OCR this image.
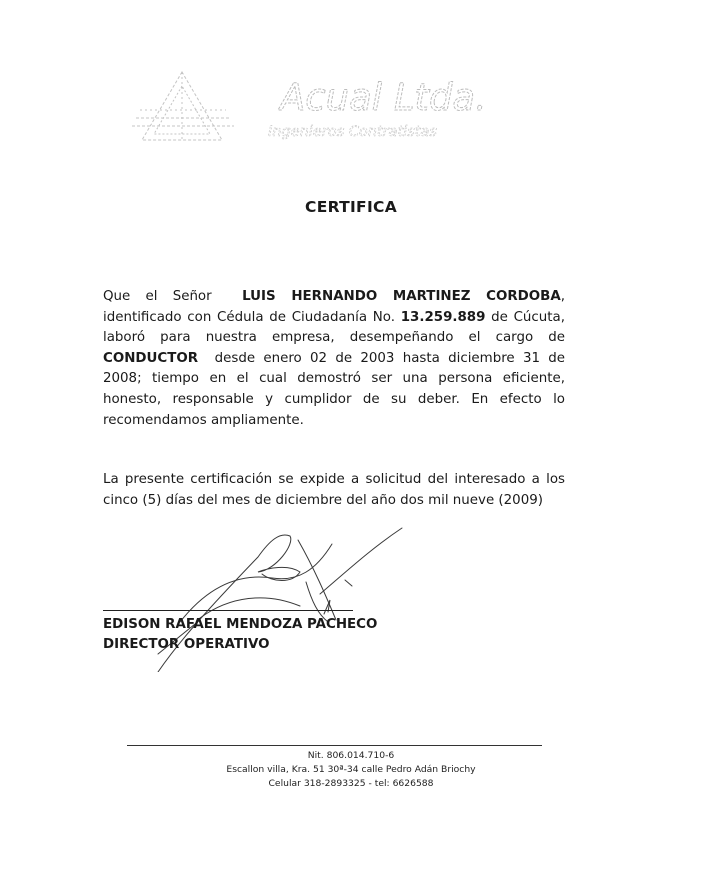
Acual Ltda.
Ingenieros Contratistas
CERTIFICA

Que el Señor LUIS HERNANDO MARTINEZ CORDOBA, identificado con Cédula de Ciudadanía No. 13.259.889 de Cúcuta, laboró para nuestra empresa, desempeñando el cargo de CONDUCTOR desde enero 02 de 2003 hasta diciembre 31 de 2008; tiempo en el cual demostró ser una persona eficiente, honesto, responsable y cumplidor de su deber. En efecto lo recomendamos ampliamente.

La presente certificación se expide a solicitud del interesado a los cinco (5) días del mes de diciembre del año dos mil nueve (2009)

EDISON RAFAEL MENDOZA PACHECO
DIRECTOR OPERATIVO
Nit. 806.014.710-6
Escallon villa, Kra. 51 30ª-34 calle Pedro Adán Briochy
Celular 318-2893325 - tel: 6626588
